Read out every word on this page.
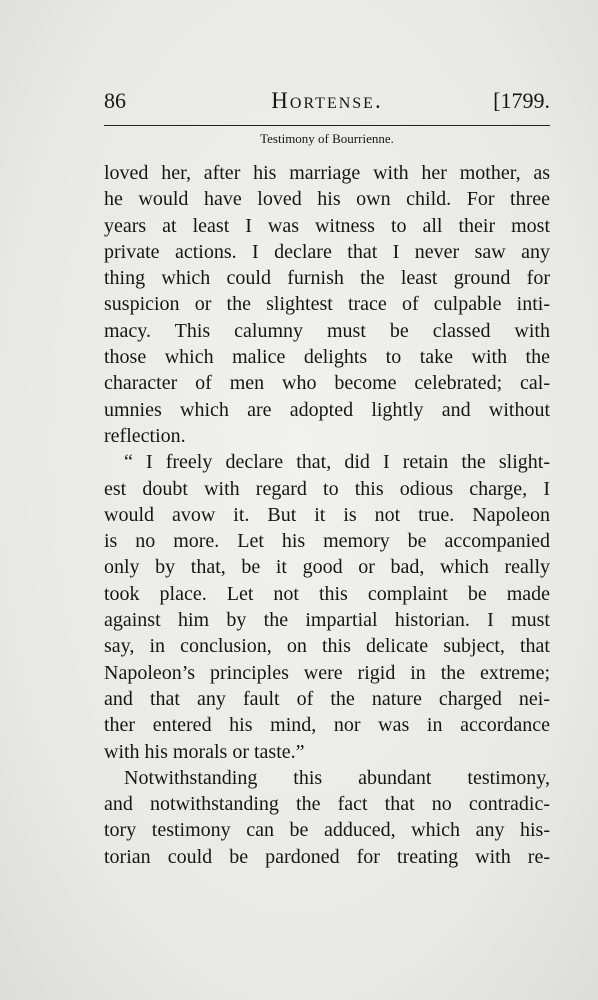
86	Hortense.	[1799.
Testimony of Bourrienne.
loved her, after his marriage with her mother, as
he would have loved his own child. For three
years at least I was witness to all their most
private actions. I declare that I never saw any
thing which could furnish the least ground for
suspicion or the slightest trace of culpable inti-
macy. This calumny must be classed with
those which malice delights to take with the
character of men who become celebrated; cal-
umnies which are adopted lightly and without
reflection.
“ I freely declare that, did I retain the slight-
est doubt with regard to this odious charge, I
would avow it. But it is not true. Napoleon
is no more. Let his memory be accompanied
only by that, be it good or bad, which really
took place. Let not this complaint be made
against him by the impartial historian. I must
say, in conclusion, on this delicate subject, that
Napoleon’s principles were rigid in the extreme;
and that any fault of the nature charged nei-
ther entered his mind, nor was in accordance
with his morals or taste.”
Notwithstanding this abundant testimony,
and notwithstanding the fact that no contradic-
tory testimony can be adduced, which any his-
torian could be pardoned for treating with re-
